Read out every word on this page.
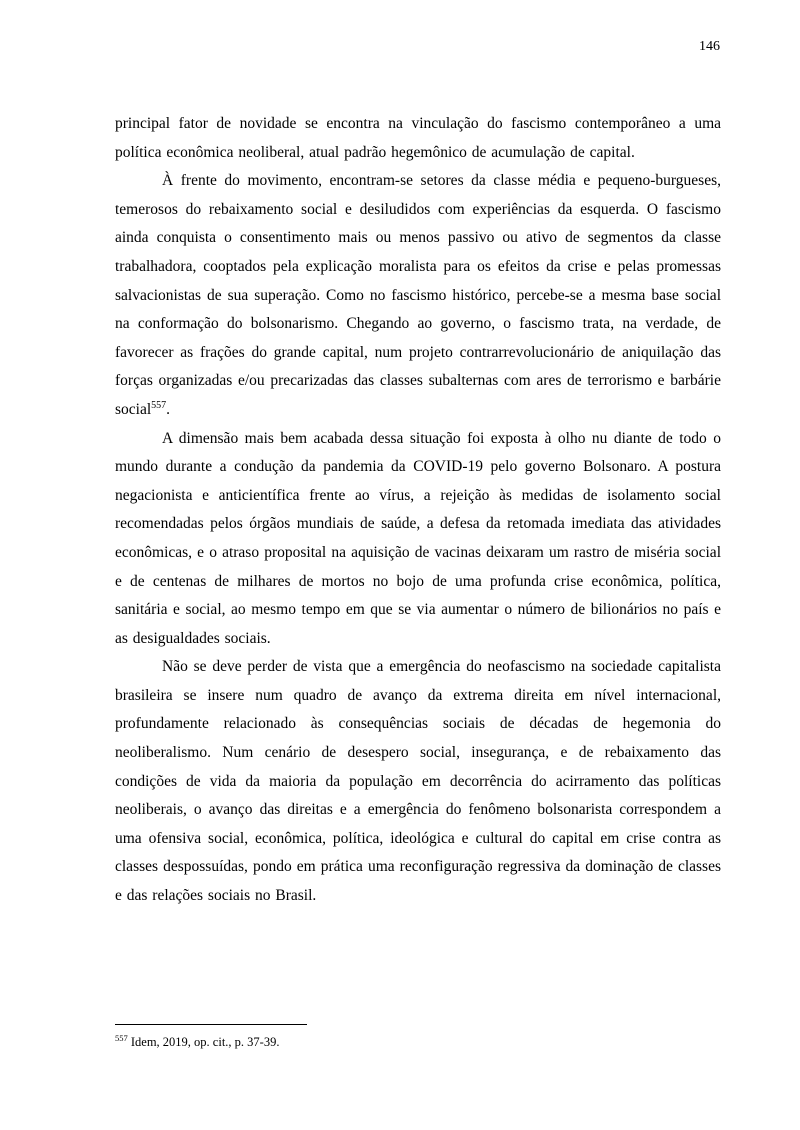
146

principal fator de novidade se encontra na vinculação do fascismo contemporâneo a uma política econômica neoliberal, atual padrão hegemônico de acumulação de capital.

À frente do movimento, encontram-se setores da classe média e pequeno-burgueses, temerosos do rebaixamento social e desiludidos com experiências da esquerda. O fascismo ainda conquista o consentimento mais ou menos passivo ou ativo de segmentos da classe trabalhadora, cooptados pela explicação moralista para os efeitos da crise e pelas promessas salvacionistas de sua superação. Como no fascismo histórico, percebe-se a mesma base social na conformação do bolsonarismo. Chegando ao governo, o fascismo trata, na verdade, de favorecer as frações do grande capital, num projeto contrarrevolucionário de aniquilação das forças organizadas e/ou precarizadas das classes subalternas com ares de terrorismo e barbárie social$^{557}$.

A dimensão mais bem acabada dessa situação foi exposta à olho nu diante de todo o mundo durante a condução da pandemia da COVID-19 pelo governo Bolsonaro. A postura negacionista e anticientífica frente ao vírus, a rejeição às medidas de isolamento social recomendadas pelos órgãos mundiais de saúde, a defesa da retomada imediata das atividades econômicas, e o atraso proposital na aquisição de vacinas deixaram um rastro de miséria social e de centenas de milhares de mortos no bojo de uma profunda crise econômica, política, sanitária e social, ao mesmo tempo em que se via aumentar o número de bilionários no país e as desigualdades sociais.

Não se deve perder de vista que a emergência do neofascismo na sociedade capitalista brasileira se insere num quadro de avanço da extrema direita em nível internacional, profundamente relacionado às consequências sociais de décadas de hegemonia do neoliberalismo. Num cenário de desespero social, insegurança, e de rebaixamento das condições de vida da maioria da população em decorrência do acirramento das políticas neoliberais, o avanço das direitas e a emergência do fenômeno bolsonarista correspondem a uma ofensiva social, econômica, política, ideológica e cultural do capital em crise contra as classes despossuídas, pondo em prática uma reconfiguração regressiva da dominação de classes e das relações sociais no Brasil.

$^{557}$ Idem, 2019, op. cit., p. 37-39.
